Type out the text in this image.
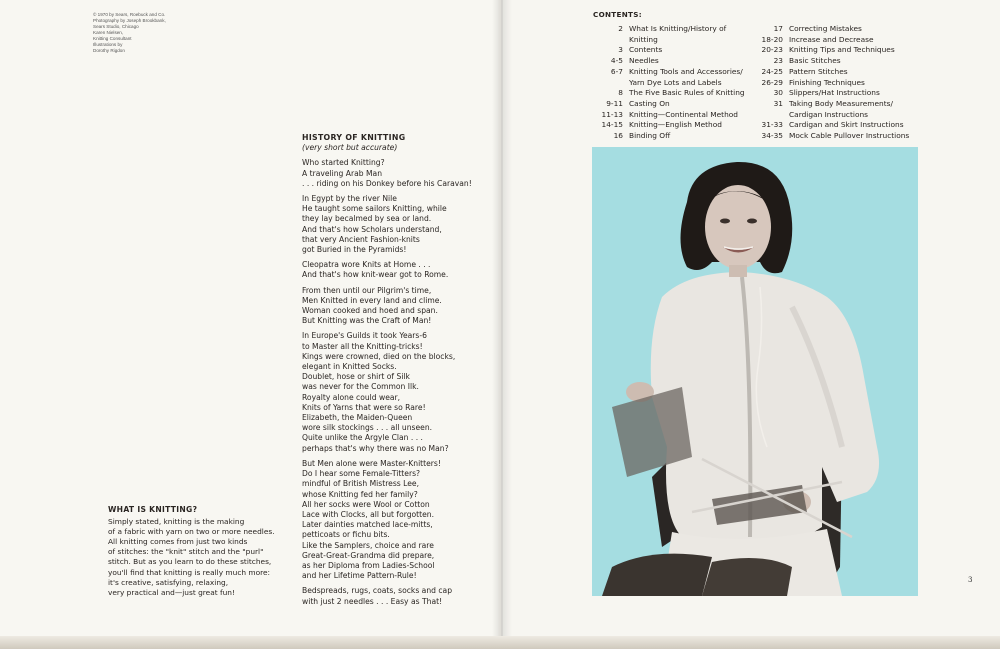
© 1970 by Sears, Roebuck and Co.
Photography by Joseph Brookbank,
Sears Studio, Chicago
Karen Nielsen,
Knitting Consultant
Illustrations by
Dorothy Rigdon
HISTORY OF KNITTING
(very short but accurate)

Who started Knitting?
A traveling Arab Man
. . . riding on his Donkey before his Caravan!

In Egypt by the river Nile
He taught some sailors Knitting, while
they lay becalmed by sea or land.
And that's how Scholars understand,
that very Ancient Fashion-knits
got Buried in the Pyramids!

Cleopatra wore Knits at Home . . .
And that's how knit-wear got to Rome.

From then until our Pilgrim's time,
Men Knitted in every land and clime.
Woman cooked and hoed and span.
But Knitting was the Craft of Man!

In Europe's Guilds it took Years-6
to Master all the Knitting-tricks!
Kings were crowned, died on the blocks,
elegant in Knitted Socks.
Doublet, hose or shirt of Silk
was never for the Common Ilk.
Royalty alone could wear,
Knits of Yarns that were so Rare!
Elizabeth, the Maiden-Queen
wore silk stockings . . . all unseen.
Quite unlike the Argyle Clan . . .
perhaps that's why there was no Man?

But Men alone were Master-Knitters!
Do I hear some Female-Titters?
mindful of British Mistress Lee,
whose Knitting fed her family?
All her socks were Wool or Cotton
Lace with Clocks, all but forgotten.
Later dainties matched lace-mitts,
petticoats or fichu bits.
Like the Samplers, choice and rare
Great-Great-Grandma did prepare,
as her Diploma from Ladies-School
and her Lifetime Pattern-Rule!

Bedspreads, rugs, coats, socks and cap
with just 2 needles . . . Easy as That!

WHAT IS KNITTING?
Simply stated, knitting is the making
of a fabric with yarn on two or more needles.
All knitting comes from just two kinds
of stitches: the "knit" stitch and the "purl"
stitch. But as you learn to do these stitches,
you'll find that knitting is really much more:
it's creative, satisfying, relaxing,
very practical and—just great fun!
CONTENTS:
2 What Is Knitting/History of
Knitting
3 Contents
4-5 Needles
6-7 Knitting Tools and Accessories/
Yarn Dye Lots and Labels
8 The Five Basic Rules of Knitting
9-11 Casting On
11-13 Knitting—Continental Method
14-15 Knitting—English Method
16 Binding Off
17 Correcting Mistakes
18-20 Increase and Decrease
20-23 Knitting Tips and Techniques
23 Basic Stitches
24-25 Pattern Stitches
26-29 Finishing Techniques
30 Slippers/Hat Instructions
31 Taking Body Measurements/
Cardigan Instructions
31-33 Cardigan and Skirt Instructions
34-35 Mock Cable Pullover Instructions
3
